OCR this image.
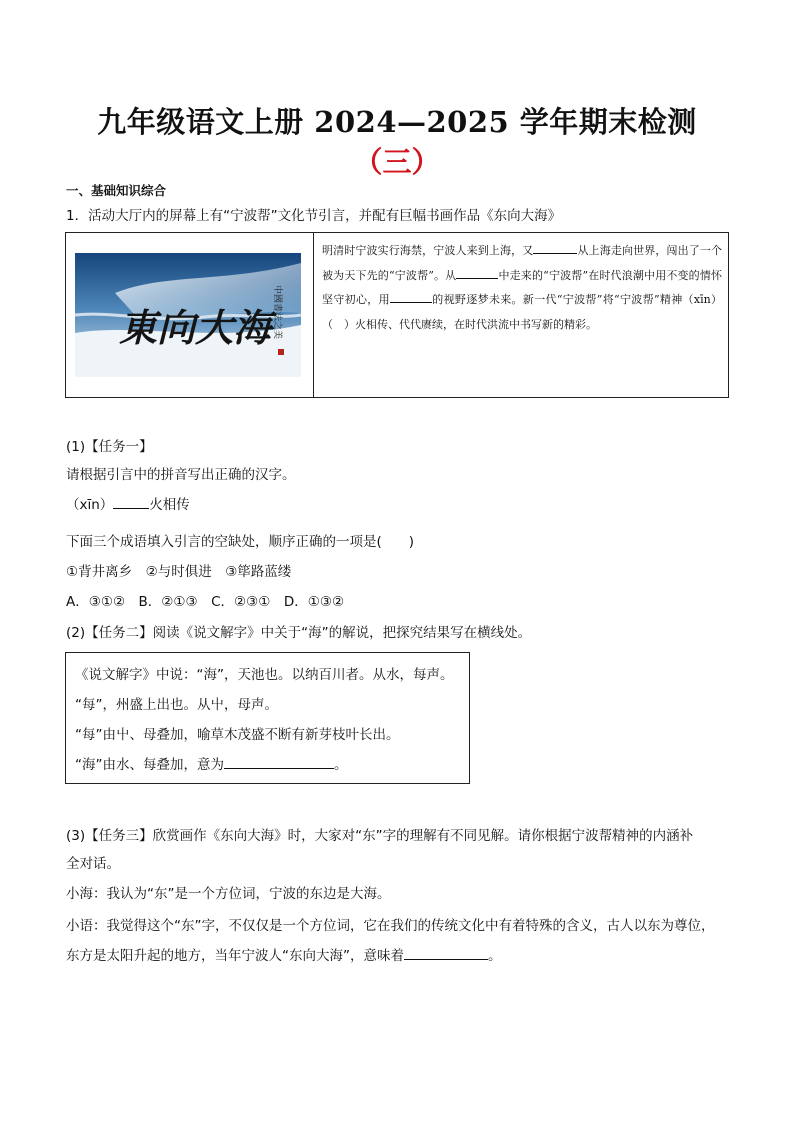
九年级语文上册 2024—2025 学年期末检测
（三）
一、基础知识综合
1．活动大厅内的屏幕上有“宁波帮”文化节引言，并配有巨幅书画作品《东向大海》
東向大海 中國書法之美
明清时宁波实行海禁，宁波人来到上海，又	从上海走向世界，闯出了一个被为天下先的“宁波帮”。从	中走来的“宁波帮”在时代浪潮中用不变的情怀坚守初心，用	的视野逐梦未来。新一代“宁波帮”将“宁波帮”精神（xīn）（　）火相传、代代赓续，在时代洪流中书写新的精彩。
(1)【任务一】
请根据引言中的拼音写出正确的汉字。
（xīn）	火相传
下面三个成语填入引言的空缺处，顺序正确的一项是(　　)
①背井离乡　②与时俱进　③筚路蓝缕
A．③①②　B．②①③　C．②③①　D．①③②
(2)【任务二】阅读《说文解字》中关于“海”的解说，把探究结果写在横线处。
《说文解字》中说：“海”，天池也。以纳百川者。从水，每声。
“每”，州盛上出也。从屮，母声。
“每”由屮、母叠加，喻草木茂盛不断有新芽枝叶长出。
“海”由水、每叠加，意为	。
(3)【任务三】欣赏画作《东向大海》时，大家对“东”字的理解有不同见解。请你根据宁波帮精神的内涵补
全对话。
小海：我认为“东”是一个方位词，宁波的东边是大海。
小语：我觉得这个“东”字，不仅仅是一个方位词，它在我们的传统文化中有着特殊的含义，古人以东为尊位，
东方是太阳升起的地方，当年宁波人“东向大海”，意味着	。
